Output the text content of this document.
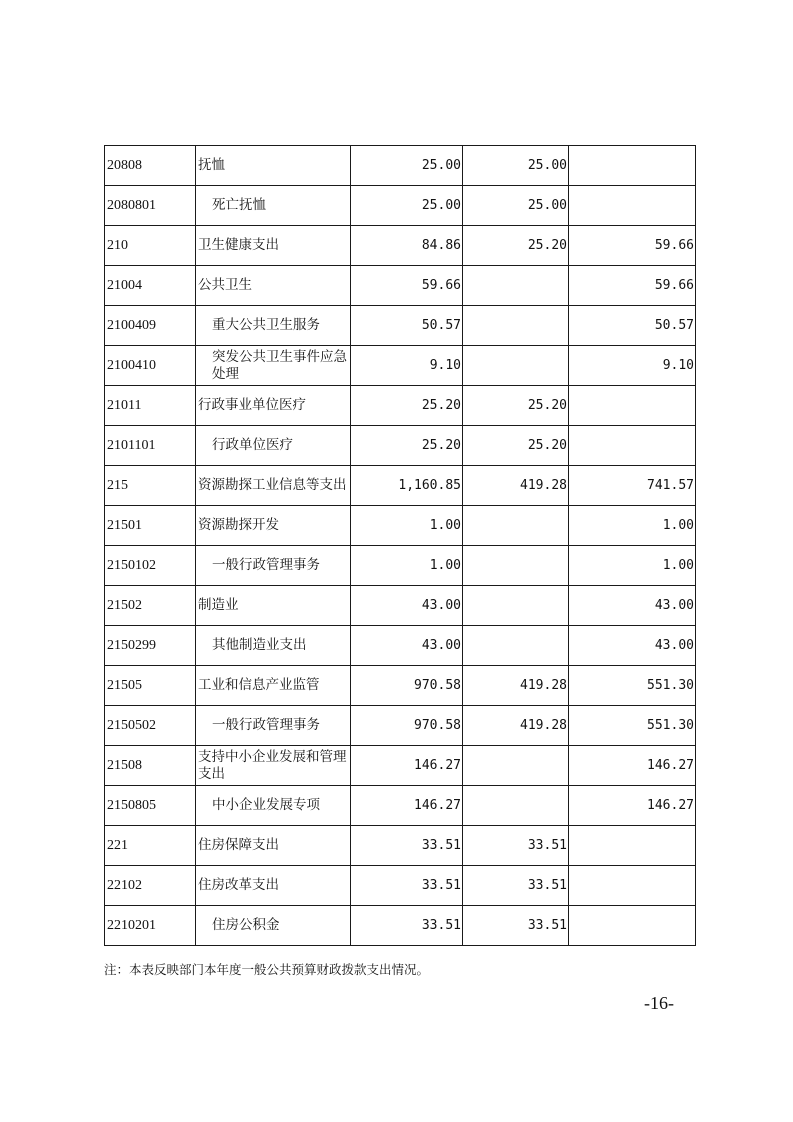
20808	抚恤	25.00	25.00	
2080801	死亡抚恤	25.00	25.00	
210	卫生健康支出	84.86	25.20	59.66
21004	公共卫生	59.66		59.66
2100409	重大公共卫生服务	50.57		50.57
2100410	突发公共卫生事件应急处理	9.10		9.10
21011	行政事业单位医疗	25.20	25.20	
2101101	行政单位医疗	25.20	25.20	
215	资源勘探工业信息等支出	1,160.85	419.28	741.57
21501	资源勘探开发	1.00		1.00
2150102	一般行政管理事务	1.00		1.00
21502	制造业	43.00		43.00
2150299	其他制造业支出	43.00		43.00
21505	工业和信息产业监管	970.58	419.28	551.30
2150502	一般行政管理事务	970.58	419.28	551.30
21508	支持中小企业发展和管理支出	146.27		146.27
2150805	中小企业发展专项	146.27		146.27
221	住房保障支出	33.51	33.51	
22102	住房改革支出	33.51	33.51	
2210201	住房公积金	33.51	33.51	
注：本表反映部门本年度一般公共预算财政拨款支出情况。
-16-
